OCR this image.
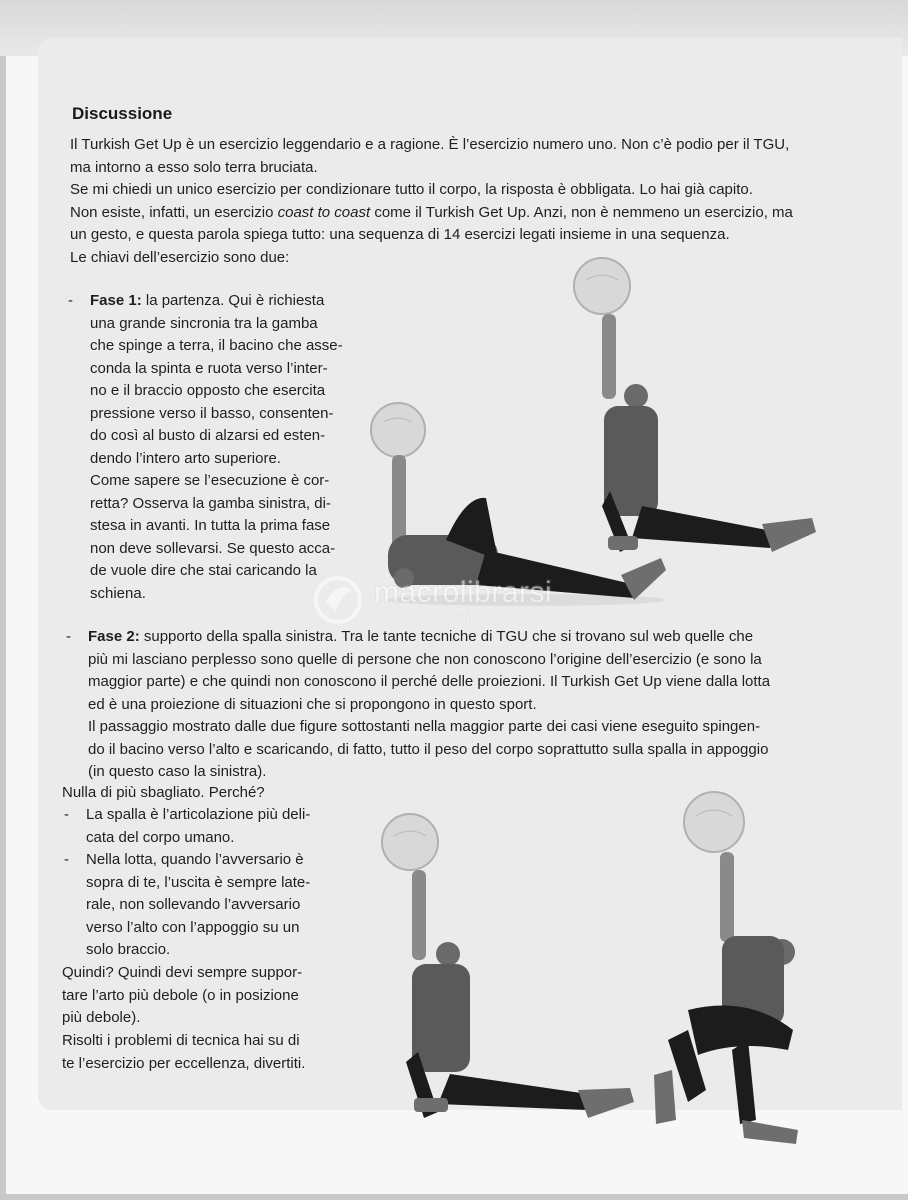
Discussione

Il Turkish Get Up è un esercizio leggendario e a ragione. È l’esercizio numero uno. Non c’è podio per il TGU,
ma intorno a esso solo terra bruciata.
Se mi chiedi un unico esercizio per condizionare tutto il corpo, la risposta è obbligata. Lo hai già capito.
Non esiste, infatti, un esercizio coast to coast come il Turkish Get Up. Anzi, non è nemmeno un esercizio, ma
un gesto, e questa parola spiega tutto: una sequenza di 14 esercizi legati insieme in una sequenza.
Le chiavi dell’esercizio sono due:

- Fase 1: la partenza. Qui è richiesta
una grande sincronia tra la gamba
che spinge a terra, il bacino che asse-
conda la spinta e ruota verso l’inter-
no e il braccio opposto che esercita
pressione verso il basso, consenten-
do così al busto di alzarsi ed esten-
dendo l’intero arto superiore.
Come sapere se l’esecuzione è cor-
retta? Osserva la gamba sinistra, di-
stesa in avanti. In tutta la prima fase
non deve sollevarsi. Se questo acca-
de vuole dire che stai caricando la
schiena.	macrolibrarsi
ALTERNATIVA NATURALE
- Fase 2: supporto della spalla sinistra. Tra le tante tecniche di TGU che si trovano sul web quelle che
più mi lasciano perplesso sono quelle di persone che non conoscono l’origine dell’esercizio (e sono la
maggior parte) e che quindi non conoscono il perché delle proiezioni. Il Turkish Get Up viene dalla lotta
ed è una proiezione di situazioni che si propongono in questo sport.
Il passaggio mostrato dalle due figure sottostanti nella maggior parte dei casi viene eseguito spingen-
do il bacino verso l’alto e scaricando, di fatto, tutto il peso del corpo soprattutto sulla spalla in appoggio
(in questo caso la sinistra).

Nulla di più sbagliato. Perché?

- La spalla è l’articolazione più deli-
cata del corpo umano.

- Nella lotta, quando l’avversario è
sopra di te, l’uscita è sempre late-
rale, non sollevando l’avversario
verso l’alto con l’appoggio su un
solo braccio.

Quindi? Quindi devi sempre suppor-
tare l’arto più debole (o in posizione
più debole).

Risolti i problemi di tecnica hai su di
te l’esercizio per eccellenza, divertiti.
